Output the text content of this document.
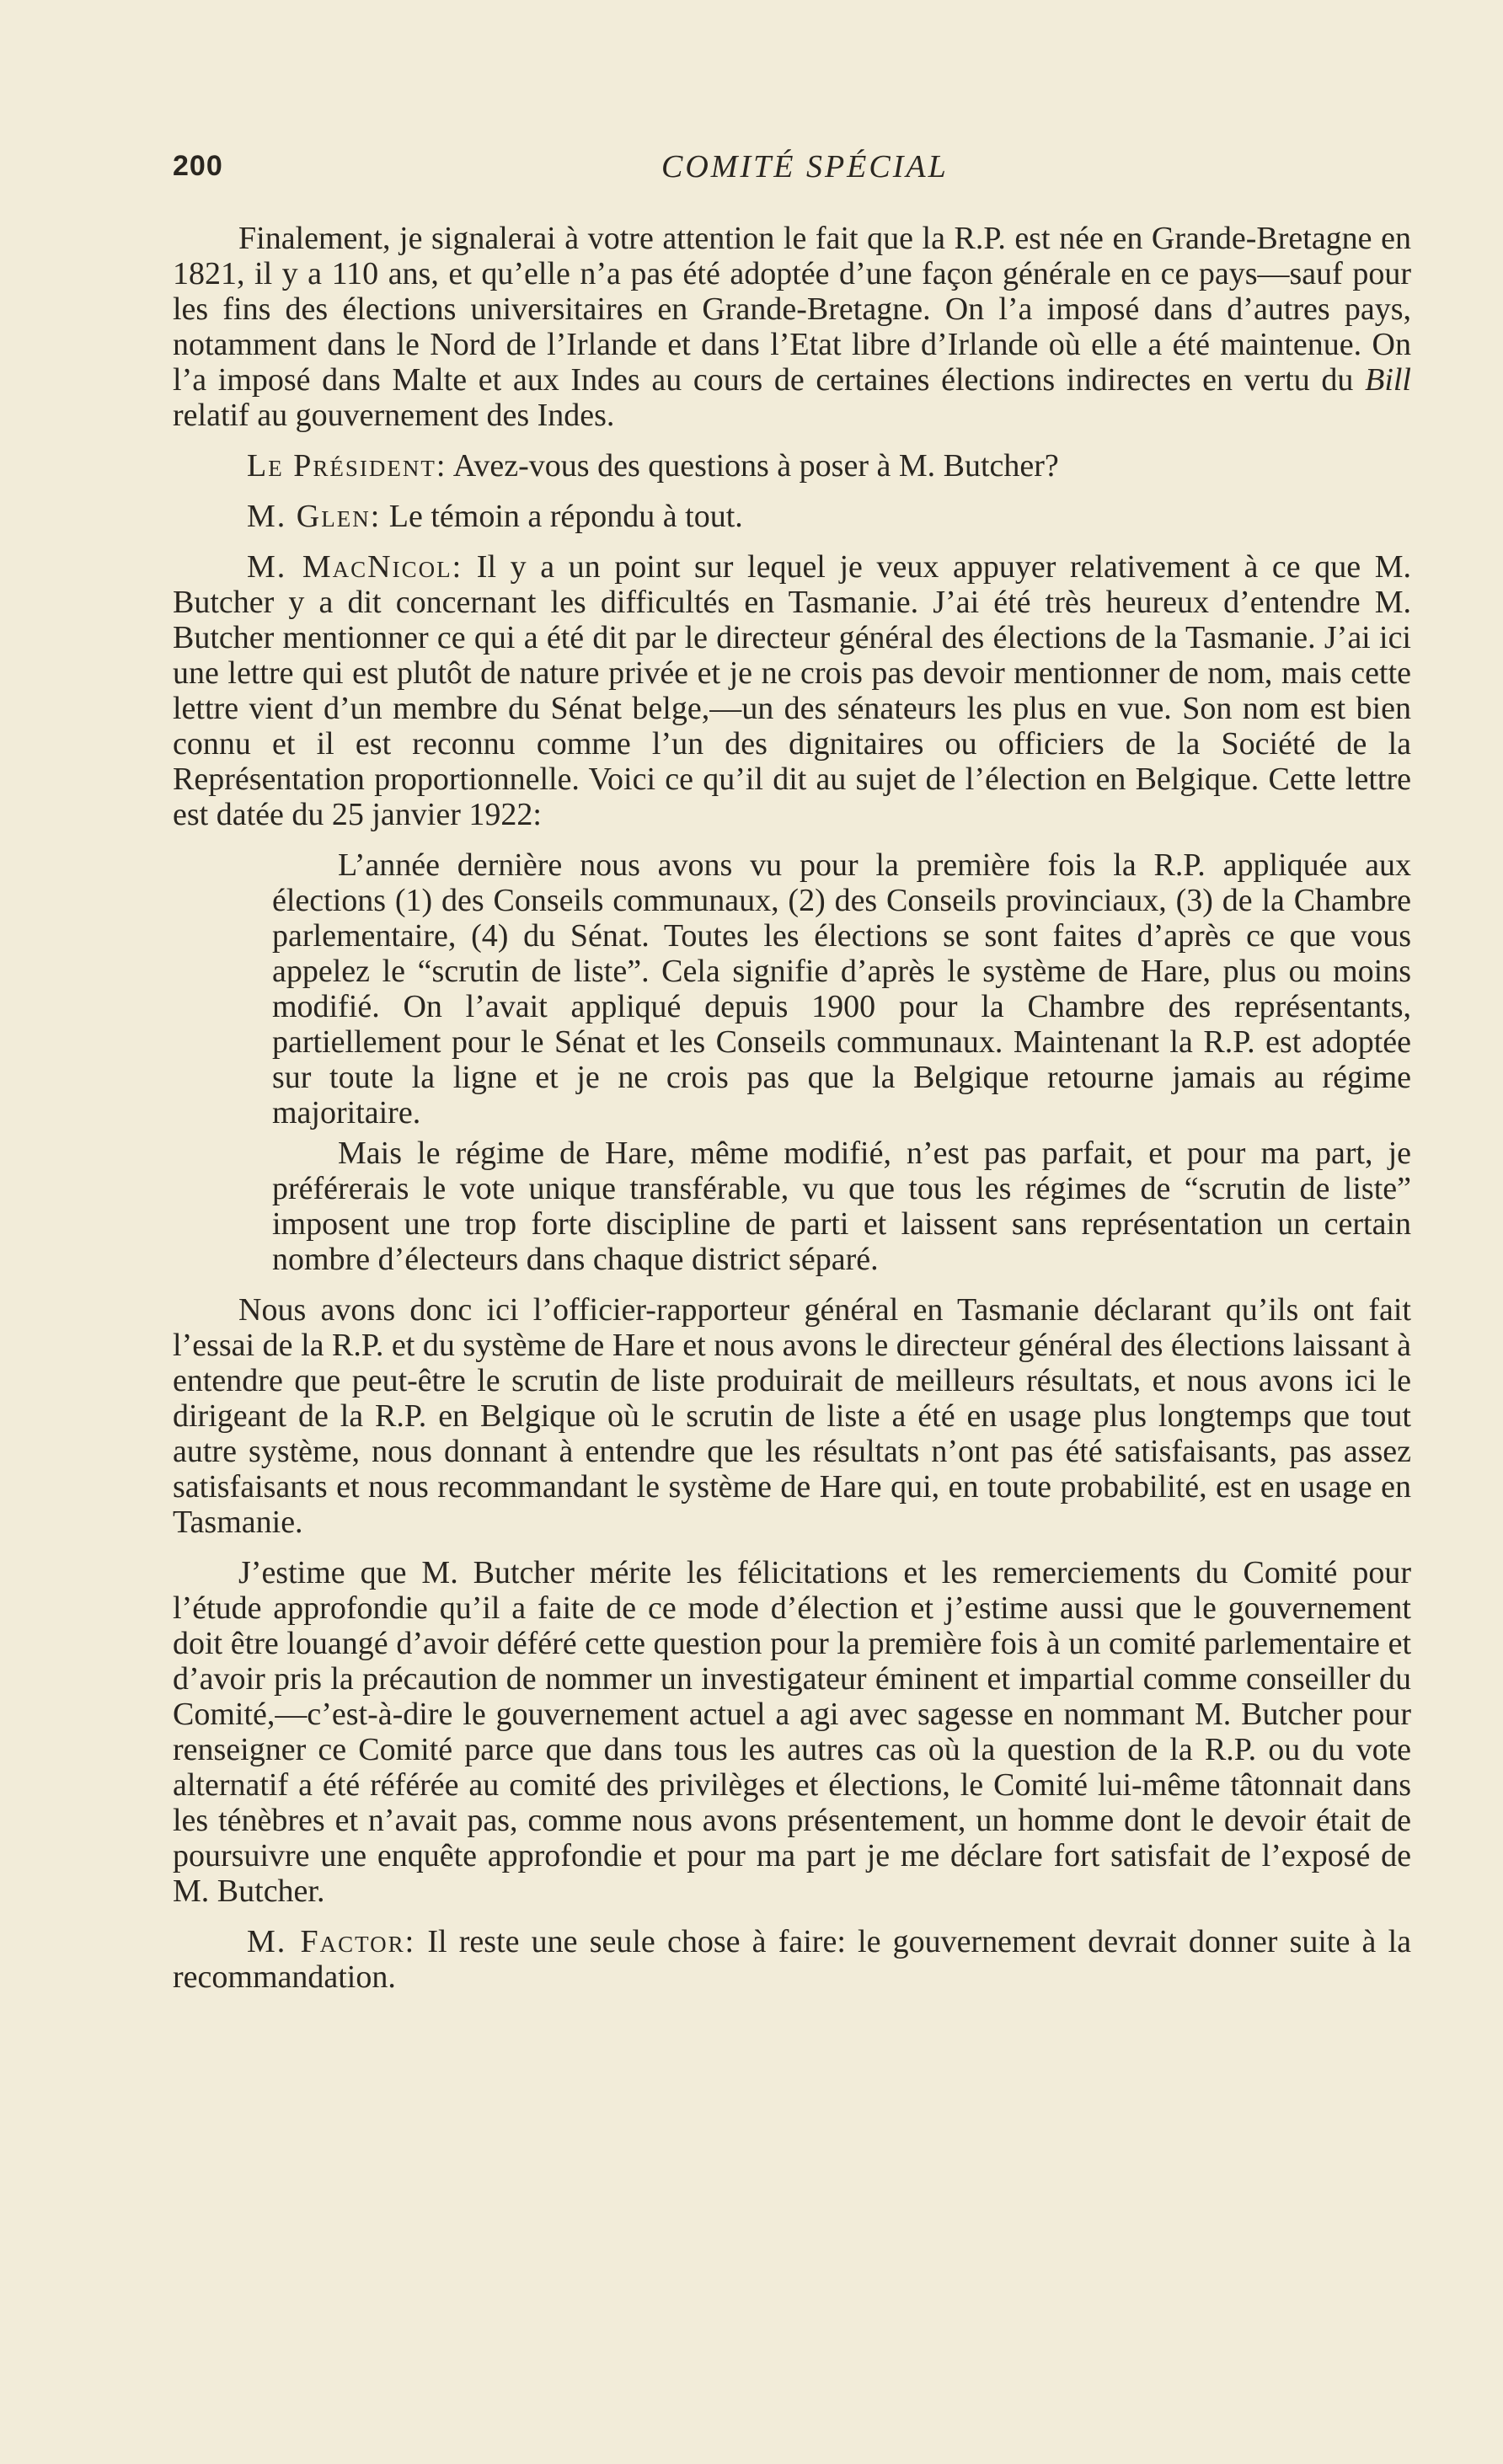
200	COMITÉ SPÉCIAL

Finalement, je signalerai à votre attention le fait que la R.P. est née en Grande-Bretagne en 1821, il y a 110 ans, et qu’elle n’a pas été adoptée d’une façon générale en ce pays—sauf pour les fins des élections universitaires en Grande-Bretagne. On l’a imposé dans d’autres pays, notamment dans le Nord de l’Irlande et dans l’Etat libre d’Irlande où elle a été maintenue. On l’a imposé dans Malte et aux Indes au cours de certaines élections indirectes en vertu du Bill relatif au gouvernement des Indes.

Le Président: Avez-vous des questions à poser à M. Butcher?

M. Glen: Le témoin a répondu à tout.

M. MacNicol: Il y a un point sur lequel je veux appuyer relativement à ce que M. Butcher y a dit concernant les difficultés en Tasmanie. J’ai été très heureux d’entendre M. Butcher mentionner ce qui a été dit par le directeur général des élections de la Tasmanie. J’ai ici une lettre qui est plutôt de nature privée et je ne crois pas devoir mentionner de nom, mais cette lettre vient d’un membre du Sénat belge,—un des sénateurs les plus en vue. Son nom est bien connu et il est reconnu comme l’un des dignitaires ou officiers de la Société de la Représentation proportionnelle. Voici ce qu’il dit au sujet de l’élection en Belgique. Cette lettre est datée du 25 janvier 1922:

L’année dernière nous avons vu pour la première fois la R.P. appliquée aux élections (1) des Conseils communaux, (2) des Conseils provinciaux, (3) de la Chambre parlementaire, (4) du Sénat. Toutes les élections se sont faites d’après ce que vous appelez le “scrutin de liste”. Cela signifie d’après le système de Hare, plus ou moins modifié. On l’avait appliqué depuis 1900 pour la Chambre des représentants, partiellement pour le Sénat et les Conseils communaux. Maintenant la R.P. est adoptée sur toute la ligne et je ne crois pas que la Belgique retourne jamais au régime majoritaire.

Mais le régime de Hare, même modifié, n’est pas parfait, et pour ma part, je préférerais le vote unique transférable, vu que tous les régimes de “scrutin de liste” imposent une trop forte discipline de parti et laissent sans représentation un certain nombre d’électeurs dans chaque district séparé.

Nous avons donc ici l’officier-rapporteur général en Tasmanie déclarant qu’ils ont fait l’essai de la R.P. et du système de Hare et nous avons le directeur général des élections laissant à entendre que peut-être le scrutin de liste produirait de meilleurs résultats, et nous avons ici le dirigeant de la R.P. en Belgique où le scrutin de liste a été en usage plus longtemps que tout autre système, nous donnant à entendre que les résultats n’ont pas été satisfaisants, pas assez satisfaisants et nous recommandant le système de Hare qui, en toute probabilité, est en usage en Tasmanie.

J’estime que M. Butcher mérite les félicitations et les remerciements du Comité pour l’étude approfondie qu’il a faite de ce mode d’élection et j’estime aussi que le gouvernement doit être louangé d’avoir déféré cette question pour la première fois à un comité parlementaire et d’avoir pris la précaution de nommer un investigateur éminent et impartial comme conseiller du Comité,—c’est-à-dire le gouvernement actuel a agi avec sagesse en nommant M. Butcher pour renseigner ce Comité parce que dans tous les autres cas où la question de la R.P. ou du vote alternatif a été référée au comité des privilèges et élections, le Comité lui-même tâtonnait dans les ténèbres et n’avait pas, comme nous avons présentement, un homme dont le devoir était de poursuivre une enquête approfondie et pour ma part je me déclare fort satisfait de l’exposé de M. Butcher.

M. Factor: Il reste une seule chose à faire: le gouvernement devrait donner suite à la recommandation.
